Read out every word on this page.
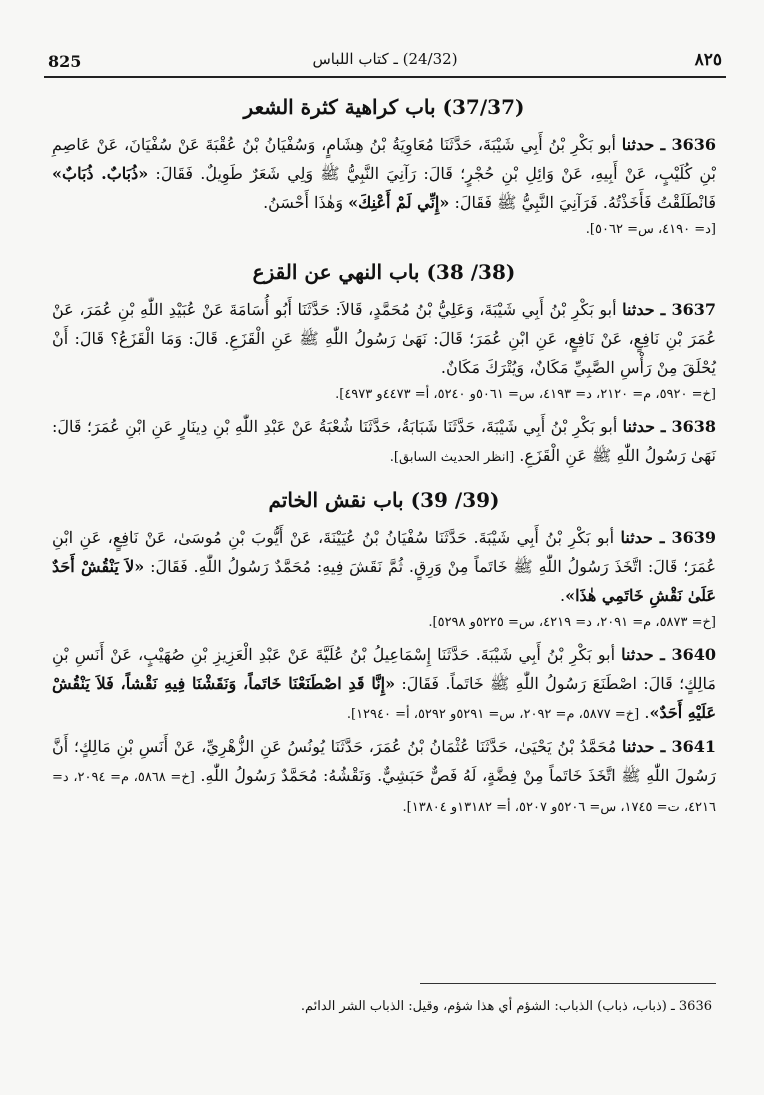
٨٢٥
(24/32) ـ كتاب اللباس
825
(37/37) باب كراهية كثرة الشعر

3636 ـ حدثنا أبو بَكْرِ بْنُ أَبِي شَيْبَةَ، حَدَّثَنَا مُعَاوِيَةُ بْنُ هِشَامٍ، وَسُفْيَانُ بْنُ عُقْبَةَ عَنْ سُفْيَانَ، عَنْ عَاصِمِ بْنِ كُلَيْبٍ، عَنْ أَبِيهِ، عَنْ وَائِلِ بْنِ حُجْرٍ؛ قَالَ: رَآنِيَ النَّبِيُّ ﷺ وَلِي شَعَرٌ طَوِيلٌ. فَقَالَ: «ذُبَابٌ. ذُبَابٌ» فَانْطَلَقْتُ فَأَخَذْتُهُ. فَرَآنِيَ النَّبِيُّ ﷺ فَقَالَ: «إِنِّي لَمْ أَعْنِكَ» وَهٰذَا أَحْسَنُ.

[د= ٤١٩٠، س= ٥٠٦٢].
(38/ 38) باب النهي عن القزع

3637 ـ حدثنا أبو بَكْرِ بْنُ أَبِي شَيْبَةَ، وَعَلِيُّ بْنُ مُحَمَّدٍ، قَالاَ: حَدَّثَنَا أَبُو أُسَامَةَ عَنْ عُبَيْدِ اللّٰهِ بْنِ عُمَرَ، عَنْ عُمَرَ بْنِ نَافِعٍ، عَنْ نَافِعٍ، عَنِ ابْنِ عُمَرَ؛ قَالَ: نَهَىٰ رَسُولُ اللّٰهِ ﷺ عَنِ الْقَزَعِ. قَالَ: وَمَا الْقَزَعُ؟ قَالَ: أَنْ يُحْلَقَ مِنْ رَأْسِ الصَّبِيِّ مَكَانٌ، وَيُتْرَكَ مَكَانٌ.

[خ= ٥٩٢٠، م= ٢١٢٠، د= ٤١٩٣، س= ٥٠٦١و ٥٢٤٠، أ= ٤٤٧٣و ٤٩٧٣].

3638 ـ حدثنا أبو بَكْرِ بْنُ أَبِي شَيْبَةَ، حَدَّثَنَا شَبَابَةُ، حَدَّثَنَا شُعْبَةُ عَنْ عَبْدِ اللّٰهِ بْنِ دِينَارٍ عَنِ ابْنِ عُمَرَ؛ قَالَ: نَهَىٰ رَسُولُ اللّٰهِ ﷺ عَنِ الْقَزَعِ. [انظر الحديث السابق].

(39/ 39) باب نقش الخاتم

3639 ـ حدثنا أبو بَكْرِ بْنُ أَبِي شَيْبَةَ. حَدَّثَنَا سُفْيَانُ بْنُ عُيَيْنَةَ، عَنْ أَيُّوبَ بْنِ مُوسَىٰ، عَنْ نَافِعٍ، عَنِ ابْنِ عُمَرَ؛ قَالَ: اتَّخَذَ رَسُولُ اللّٰهِ ﷺ خَاتَماً مِنْ وَرِقٍ. ثُمَّ نَقَشَ فِيهِ: مُحَمَّدٌ رَسُولُ اللّٰهِ. فَقَالَ: «لاَ يَنْقُشْ أَحَدٌ عَلَىٰ نَقْشِ خَاتَمِي هٰذَا».

[خ= ٥٨٧٣، م= ٢٠٩١، د= ٤٢١٩، س= ٥٢٢٥و ٥٢٩٨].

3640 ـ حدثنا أبو بَكْرِ بْنُ أَبِي شَيْبَةَ. حَدَّثَنَا إِسْمَاعِيلُ بْنُ عُلَيَّةَ عَنْ عَبْدِ الْعَزِيزِ بْنِ صُهَيْبٍ، عَنْ أَنَسِ بْنِ مَالِكٍ؛ قَالَ: اصْطَنَعَ رَسُولُ اللّٰهِ ﷺ خَاتَماً. فَقَالَ: «إِنَّا قَدِ اصْطَنَعْنَا خَاتَماً، وَنَقَشْنَا فِيهِ نَقْشاً، فَلاَ يَنْقُشْ عَلَيْهِ أَحَدٌ». [خ= ٥٨٧٧، م= ٢٠٩٢، س= ٥٢٩١و ٥٢٩٢، أ= ١٢٩٤٠].

3641 ـ حدثنا مُحَمَّدُ بْنُ يَحْيَىٰ، حَدَّثَنَا عُثْمَانُ بْنُ عُمَرَ، حَدَّثَنَا يُونُسُ عَنِ الزُّهْرِيِّ، عَنْ أَنَسِ بْنِ مَالِكٍ؛ أَنَّ رَسُولَ اللّٰهِ ﷺ اتَّخَذَ خَاتَماً مِنْ فِضَّةٍ، لَهُ فَصٌّ حَبَشِيٌّ. وَنَقْشُهُ: مُحَمَّدٌ رَسُولُ اللّٰهِ. [خ= ٥٨٦٨، م= ٢٠٩٤، د= ٤٢١٦، ت= ١٧٤٥، س= ٥٢٠٦و ٥٢٠٧، أ= ١٣١٨٢و ١٣٨٠٤].

3636 ـ (ذباب، ذباب) الذباب: الشؤم أي هذا شؤم، وقيل: الذباب الشر الدائم.
